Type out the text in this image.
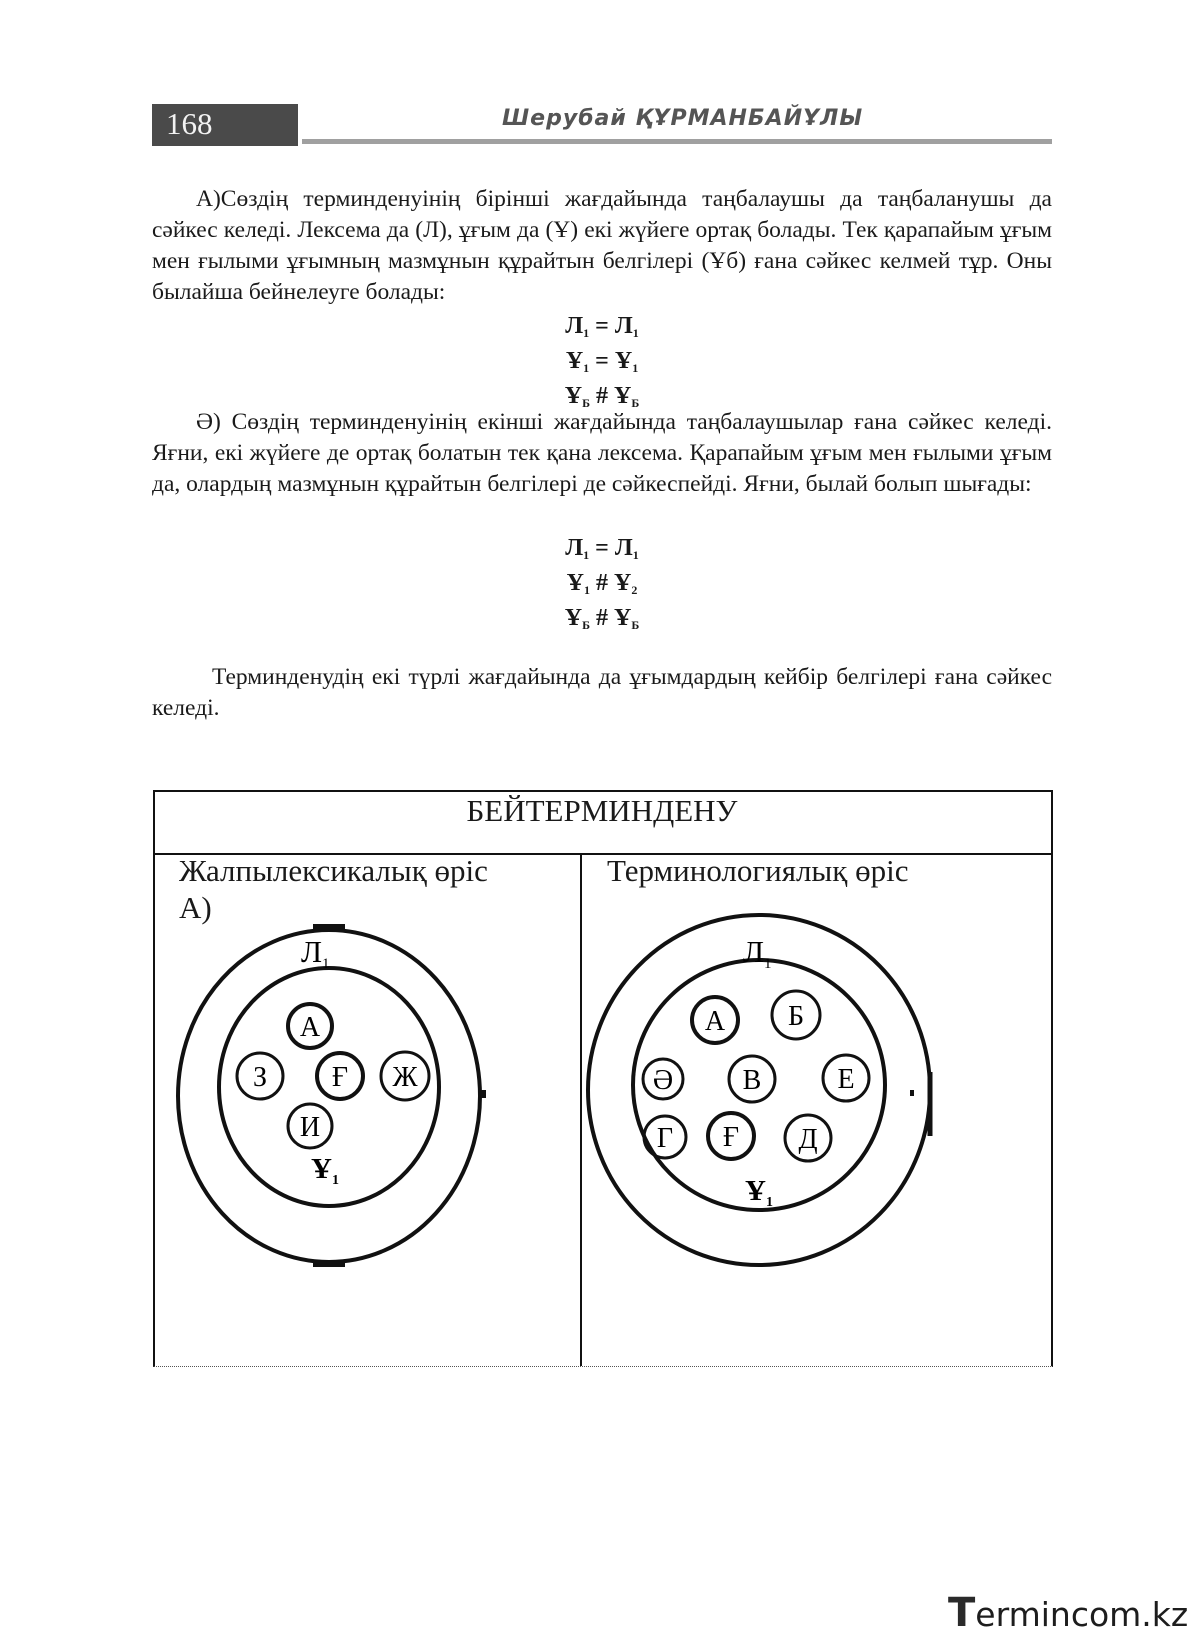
168	Шерубай ҚҰРМАНБАЙҰЛЫ

А)Сөздің терминденуінің бірінші жағдайында таңбалаушы да таңбаланушы да сәйкес келеді. Лексема да (Л), ұғым да (Ұ) екі жүйеге ортақ болады. Тек қарапайым ұғым мен ғылыми ұғымның мазмұнын құрайтын белгілері (Ұб) ғана сәйкес келмей тұр. Оны былайша бейнелеуге болады:

$Л_1 = Л_1$
$Ұ_1 = Ұ_1$
$Ұ_Б$ # $Ұ_Б$

Ә) Сөздің терминденуінің екінші жағдайында таңбалаушылар ғана сәйкес келеді. Яғни, екі жүйеге де ортақ болатын тек қана лексема. Қарапайым ұғым мен ғылыми ұғым да, олардың мазмұнын құрайтын белгілері де сәйкеспейді. Яғни, былай болып шығады:

$Л_1 = Л_1$
$Ұ_1$ # $Ұ_2$
$Ұ_Б$ # $Ұ_Б$

Терминденудің екі түрлі жағдайында да ұғымдардың кейбір белгілері ғана сәйкес келеді.

БЕЙТЕРМИНДЕНУ
Жалпылексикалық өріс
А)
Терминологиялық өріс
Л1
$Ұ_1$
А
З Ғ Ж
И
Л1
$Ұ_1$
А Б
Ә В	Е
Г Ғ Д
Termincom.kz
